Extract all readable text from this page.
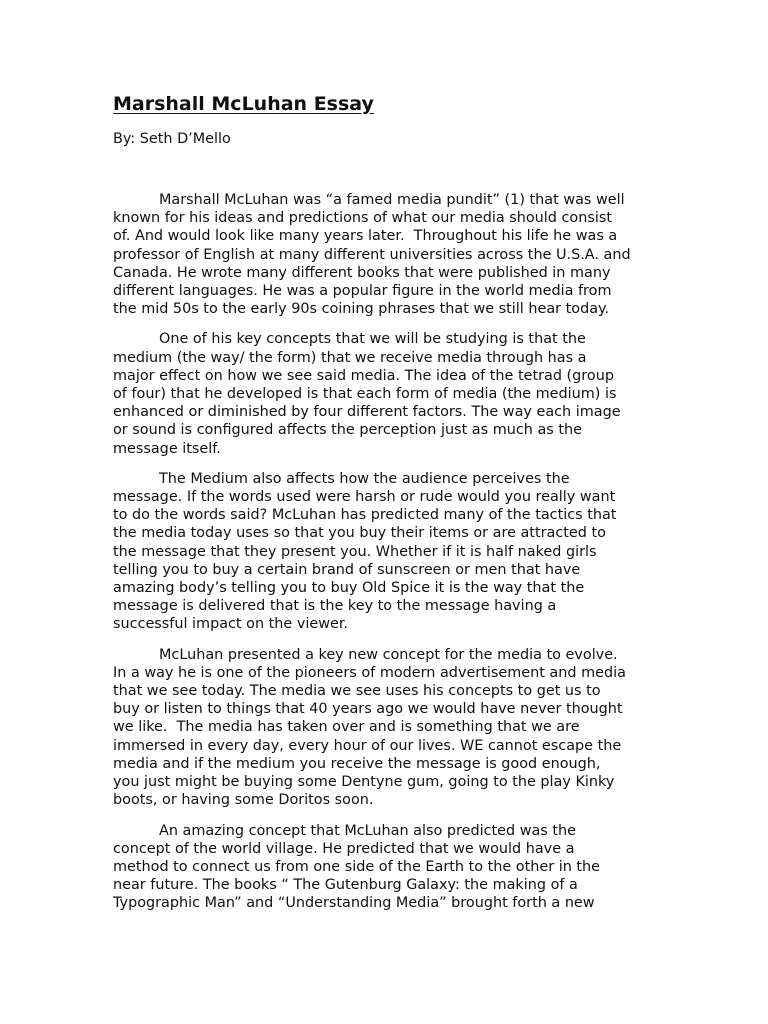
Marshall McLuhan Essay

By: Seth D’Mello

Marshall McLuhan was “a famed media pundit” (1) that was well
known for his ideas and predictions of what our media should consist
of. And would look like many years later.  Throughout his life he was a
professor of English at many different universities across the U.S.A. and
Canada. He wrote many different books that were published in many
different languages. He was a popular figure in the world media from
the mid 50s to the early 90s coining phrases that we still hear today.
One of his key concepts that we will be studying is that the
medium (the way/ the form) that we receive media through has a
major effect on how we see said media. The idea of the tetrad (group
of four) that he developed is that each form of media (the medium) is
enhanced or diminished by four different factors. The way each image
or sound is configured affects the perception just as much as the
message itself.
The Medium also affects how the audience perceives the
message. If the words used were harsh or rude would you really want
to do the words said? McLuhan has predicted many of the tactics that
the media today uses so that you buy their items or are attracted to
the message that they present you. Whether if it is half naked girls
telling you to buy a certain brand of sunscreen or men that have
amazing body’s telling you to buy Old Spice it is the way that the
message is delivered that is the key to the message having a
successful impact on the viewer.
McLuhan presented a key new concept for the media to evolve.
In a way he is one of the pioneers of modern advertisement and media
that we see today. The media we see uses his concepts to get us to
buy or listen to things that 40 years ago we would have never thought
we like.  The media has taken over and is something that we are
immersed in every day, every hour of our lives. WE cannot escape the
media and if the medium you receive the message is good enough,
you just might be buying some Dentyne gum, going to the play Kinky
boots, or having some Doritos soon.
An amazing concept that McLuhan also predicted was the
concept of the world village. He predicted that we would have a
method to connect us from one side of the Earth to the other in the
near future. The books “ The Gutenburg Galaxy: the making of a
Typographic Man” and “Understanding Media” brought forth a new
